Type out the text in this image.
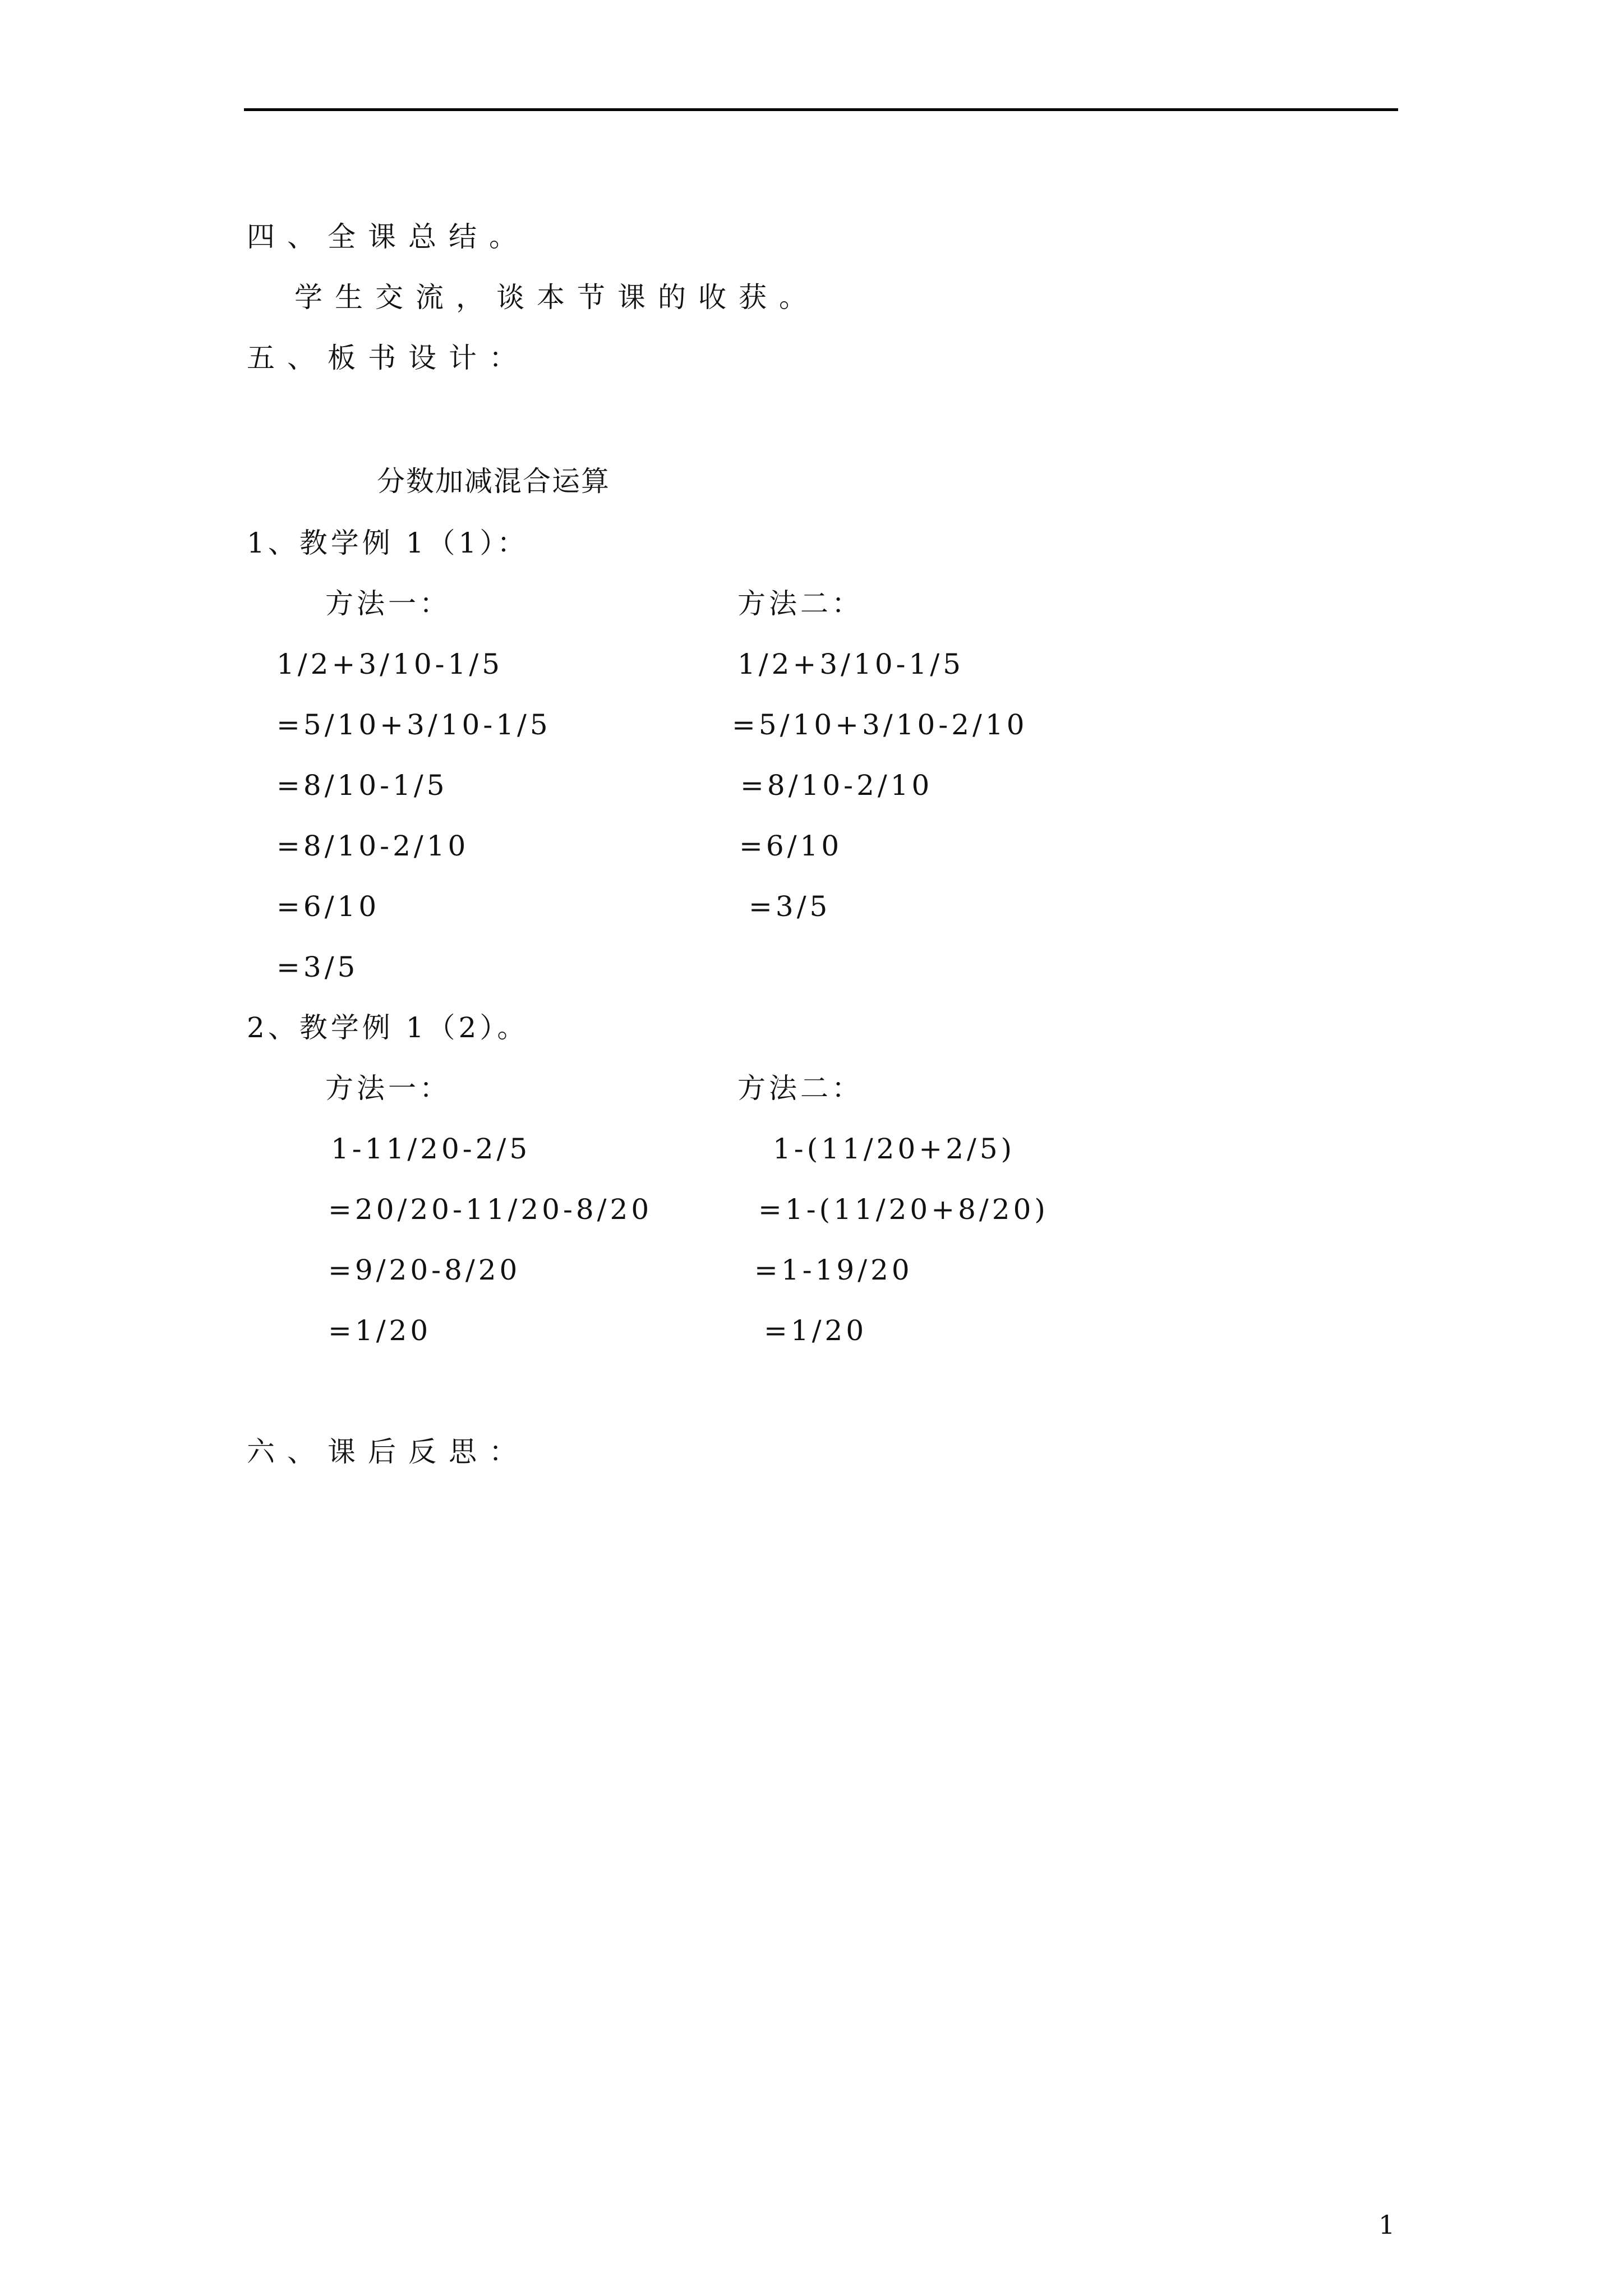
四、全课总结。
学生交流，谈本节课的收获。
五、板书设计：
分数加减混合运算
1、教学例 1（1）：
方法一：	方法二：
1/2+3/10-1/5
=5/10+3/10-1/5
=8/10-1/5
=8/10-2/10
=6/10
=3/5
1/2+3/10-1/5
=5/10+3/10-2/10
=8/10-2/10
=6/10
=3/5
2、教学例 1（2）。
方法一：	方法二：
1-11/20-2/5
=20/20-11/20-8/20
=9/20-8/20
=1/20
1-(11/20+2/5)
=1-(11/20+8/20)
=1-19/20
=1/20
六、课后反思：
1
